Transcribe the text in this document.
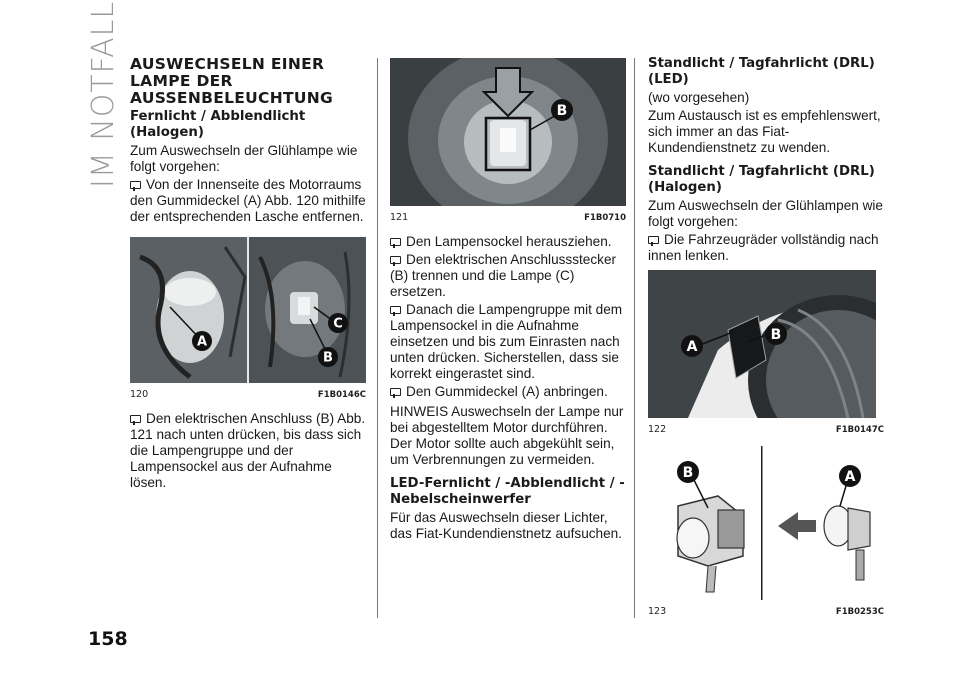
IM NOTFALL
158
AUSWECHSELN EINER LAMPE DER AUSSENBELEUCHTUNG
Fernlicht / Abblendlicht (Halogen)

Zum Auswechseln der Glühlampe wie folgt vorgehen:

Von der Innenseite des Motorraums den Gummideckel (A) Abb. 120 mithilfe der entsprechenden Lasche entfernen.

A
C
B
120	F1B0146C

Den elektrischen Anschluss (B) Abb. 121 nach unten drücken, bis dass sich die Lampengruppe und der Lampensockel aus der Aufnahme lösen.

B
121	F1B0710

Den Lampensockel herausziehen.

Den elektrischen Anschlussstecker (B) trennen und die Lampe (C) ersetzen.

Danach die Lampengruppe mit dem Lampensockel in die Aufnahme einsetzen und bis zum Einrasten nach unten drücken. Sicherstellen, dass sie korrekt eingerastet sind.

Den Gummideckel (A) anbringen.

HINWEIS Auswechseln der Lampe nur bei abgestelltem Motor durchführen. Der Motor sollte auch abgekühlt sein, um Verbrennungen zu vermeiden.

LED-Fernlicht / -Abblendlicht / -Nebelscheinwerfer

Für das Auswechseln dieser Lichter, das Fiat-Kundendienstnetz aufsuchen.

Standlicht / Tagfahrlicht (DRL) (LED)

(wo vorgesehen)

Zum Austausch ist es empfehlenswert, sich immer an das Fiat-Kundendienstnetz zu wenden.

Standlicht / Tagfahrlicht (DRL) (Halogen)

Zum Auswechseln der Glühlampen wie folgt vorgehen:

Die Fahrzeugräder vollständig nach innen lenken.

A
B
122	F1B0147C
B	A
123	F1B0253C
